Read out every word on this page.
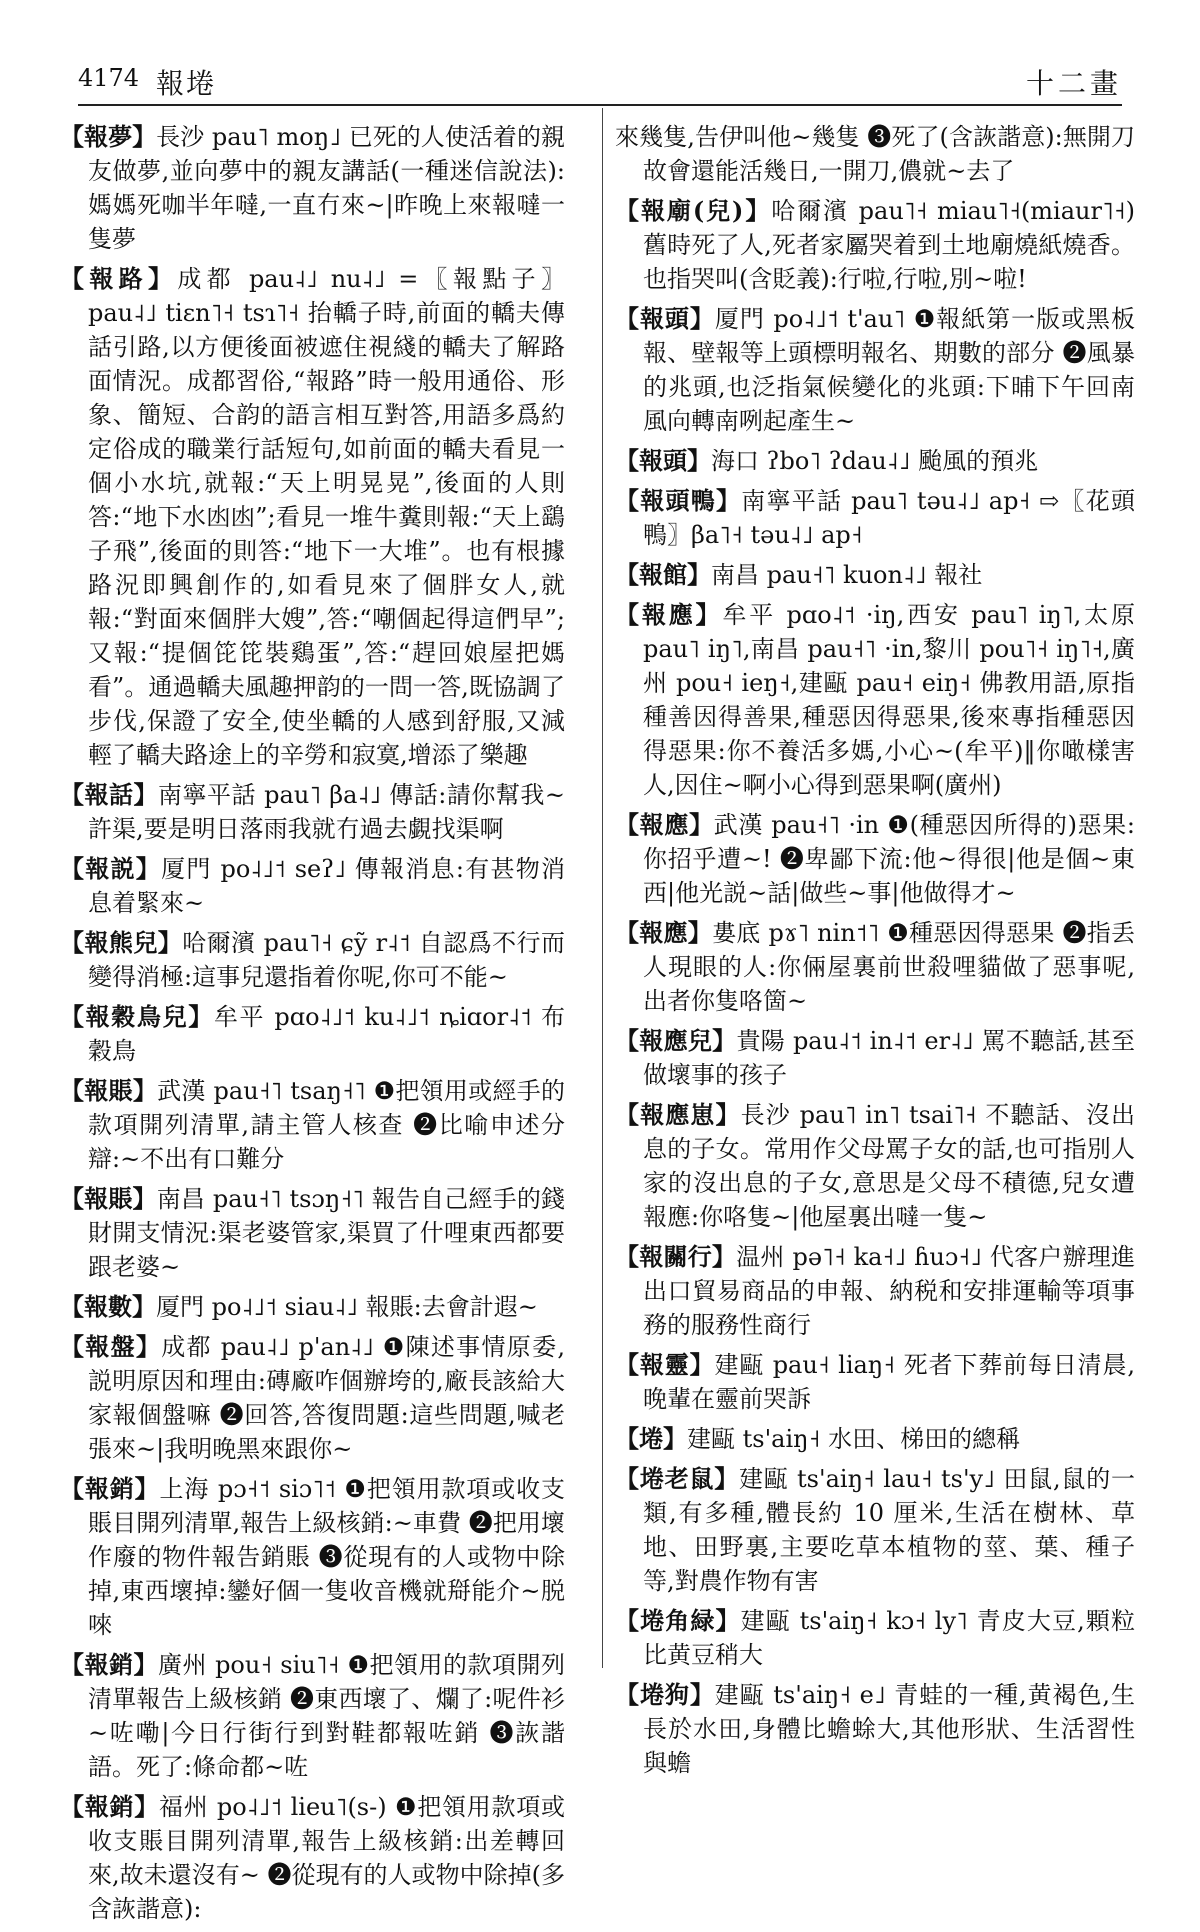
4174 報埢	十二畫

【報夢】長沙 pau˥ moŋ˩ 已死的人使活着的親友做夢,並向夢中的親友講話(一種迷信說法):媽媽死咖半年噠,一直冇來~|昨晚上來報噠一隻夢

【報路】成都 pau˨˩ nu˨˩ =〖報點子〗 pau˨˩ tiɛn˥˧ tsɿ˥˧ 抬轎子時,前面的轎夫傳話引路,以方便後面被遮住視綫的轎夫了解路面情況。成都習俗,“報路”時一般用通俗、形象、簡短、合韵的語言相互對答,用語多爲約定俗成的職業行話短句,如前面的轎夫看見一個小水坑,就報:“天上明晃晃”,後面的人則答:“地下水凼凼”;看見一堆牛糞則報:“天上鷂子飛”,後面的則答:“地下一大堆”。也有根據路況即興創作的,如看見來了個胖女人,就報:“對面來個胖大嫂”,答:“嘲個起得這們早”;又報:“提個笓笓裝鷄蛋”,答:“趕回娘屋把媽看”。通過轎夫風趣押韵的一問一答,既協調了步伐,保證了安全,使坐轎的人感到舒服,又減輕了轎夫路途上的辛勞和寂寞,增添了樂趣

【報話】南寧平話 pau˥ βa˨˩ 傳話:請你幫我~許渠,要是明日落雨我就冇過去覷找渠啊

【報説】厦門 po˨˩˦ seʔ˩ 傳報消息:有甚物消息着緊來~

【報熊兒】哈爾濱 pau˥˧ ɕỹ r˨˦ 自認爲不行而變得消極:這事兒還指着你呢,你可不能~

【報穀鳥兒】牟平 pɑo˨˩˦ ku˨˩˦ ȵiɑor˨˦ 布穀鳥

【報賬】武漢 pau˧˥ tsaŋ˧˥ ❶把領用或經手的款項開列清單,請主管人核查 ❷比喻申述分辯:~不出有口難分

【報賬】南昌 pau˧˥ tsɔŋ˧˥ 報告自己經手的錢財開支情況:渠老婆管家,渠買了什哩東西都要跟老婆~

【報數】厦門 po˨˩˦ siau˨˩ 報賬:去會計遐~

【報盤】成都 pau˨˩ p'an˨˩ ❶陳述事情原委,説明原因和理由:磚廠咋個辦垮的,廠長該給大家報個盤嘛 ❷回答,答復問題:這些問題,喊老張來~|我明晚黑來跟你~

【報銷】上海 pɔ˧˦ siɔ˥˦ ❶把領用款項或收支賬目開列清單,報告上級核銷:~車費 ❷把用壞作廢的物件報告銷賬 ❸從現有的人或物中除掉,東西壞掉:鑾好個一隻收音機就搿能介~脱唻

【報銷】廣州 pou˧ siu˥˧ ❶把領用的款項開列清單報告上級核銷 ❷東西壞了、爛了:呢件衫~咗嘞|今日行街行到對鞋都報咗銷 ❸詼諧語。死了:條命都~咗

【報銷】福州 po˨˩˦ lieu˥(s-) ❶把領用款項或收支賬目開列清單,報告上級核銷:出差轉回來,故未還沒有~ ❷從現有的人或物中除掉(多含詼諧意):

來幾隻,告伊叫他~幾隻 ❸死了(含詼諧意):無開刀故會還能活幾日,一開刀,儂就~去了

【報廟(兒)】哈爾濱 pau˥˧ miau˥˧(miaur˥˧) 舊時死了人,死者家屬哭着到土地廟燒紙燒香。也指哭叫(含貶義):行啦,行啦,別~啦!

【報頭】厦門 po˨˩˦ t'au˥ ❶報紙第一版或黑板報、壁報等上頭標明報名、期數的部分 ❷風暴的兆頭,也泛指氣候變化的兆頭:下晡下午回南風向轉南咧起產生~

【報頭】海口 ʔbo˥ ʔdau˨˩ 颱風的預兆

【報頭鴨】南寧平話 pau˥ təu˨˩ ap˧ ⇨〖花頭鴨〗βa˥˧ təu˨˩ ap˧

【報館】南昌 pau˧˥ kuon˨˩ 報社

【報應】牟平 pɑo˨˦ ·iŋ,西安 pau˥ iŋ˥,太原 pau˥ iŋ˥,南昌 pau˧˥ ·in,黎川 pou˥˧ iŋ˥˧,廣州 pou˧ ieŋ˧,建甌 pau˧ eiŋ˧ 佛教用語,原指種善因得善果,種惡因得惡果,後來專指種惡因得惡果:你不養活多媽,小心~(牟平)‖你噉樣害人,因住~啊小心得到惡果啊(廣州)

【報應】武漢 pau˧˥ ·in ❶(種惡因所得的)惡果:你招乎遭~! ❷卑鄙下流:他~得很|他是個~東西|他光説~話|做些~事|他做得才~

【報應】婁底 pɤ˥ nin˦˥ ❶種惡因得惡果 ❷指丢人現眼的人:你倆屋裏前世殺哩貓做了惡事呢,出者你隻咯箇~

【報應兒】貴陽 pau˨˦ in˨˦ er˨˩ 罵不聽話,甚至做壞事的孩子

【報應崽】長沙 pau˥ in˥ tsai˥˧ 不聽話、沒出息的子女。常用作父母罵子女的話,也可指別人家的沒出息的子女,意思是父母不積德,兒女遭報應:你咯隻~|他屋裏出噠一隻~

【報關行】温州 pə˥˧ ka˧˩ ɦuɔ˧˩ 代客户辦理進出口貿易商品的申報、納税和安排運輸等項事務的服務性商行

【報靈】建甌 pau˧ liaŋ˧ 死者下葬前每日清晨,晚輩在靈前哭訴

【埢】建甌 ts'aiŋ˧ 水田、梯田的總稱

【埢老鼠】建甌 ts'aiŋ˧ lau˧ ts'y˩ 田鼠,鼠的一類,有多種,體長約 10 厘米,生活在樹林、草地、田野裏,主要吃草本植物的莖、葉、種子等,對農作物有害

【埢角緑】建甌 ts'aiŋ˧ kɔ˧ ly˥ 青皮大豆,顆粒比黄豆稍大

【埢狗】建甌 ts'aiŋ˧ e˩ 青蛙的一種,黄褐色,生長於水田,身體比蟾蜍大,其他形狀、生活習性與蟾
